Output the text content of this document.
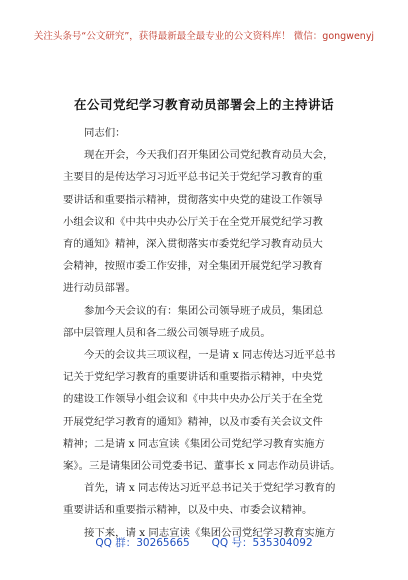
关注头条号“公文研究”，获得最新最全最专业的公文资料库！ 微信：gongwenyj
在公司党纪学习教育动员部署会上的主持讲话
同志们：
现在开会，今天我们召开集团公司党纪教育动员大会，
主要目的是传达学习习近平总书记关于党纪学习教育的重
要讲话和重要指示精神，贯彻落实中央党的建设工作领导
小组会议和《中共中央办公厅关于在全党开展党纪学习教
育的通知》精神，深入贯彻落实市委党纪学习教育动员大
会精神，按照市委工作安排，对全集团开展党纪学习教育
进行动员部署。
参加今天会议的有：集团公司领导班子成员，集团总
部中层管理人员和各二级公司领导班子成员。
今天的会议共三项议程，一是请 x 同志传达习近平总书
记关于党纪学习教育的重要讲话和重要指示精神，中央党
的建设工作领导小组会议和《中共中央办公厅关于在全党
开展党纪学习教育的通知》精神，以及市委有关会议文件
精神；二是请 x 同志宣读《集团公司党纪学习教育实施方
案》。三是请集团公司党委书记、董事长 x 同志作动员讲话。
首先，请 x 同志传达习近平总书记关于党纪学习教育的
重要讲话和重要指示精神，以及中央、市委会议精神。
接下来，请 x 同志宣读《集团公司党纪学习教育实施方
QQ 群：30265665 QQ 号：535304092
